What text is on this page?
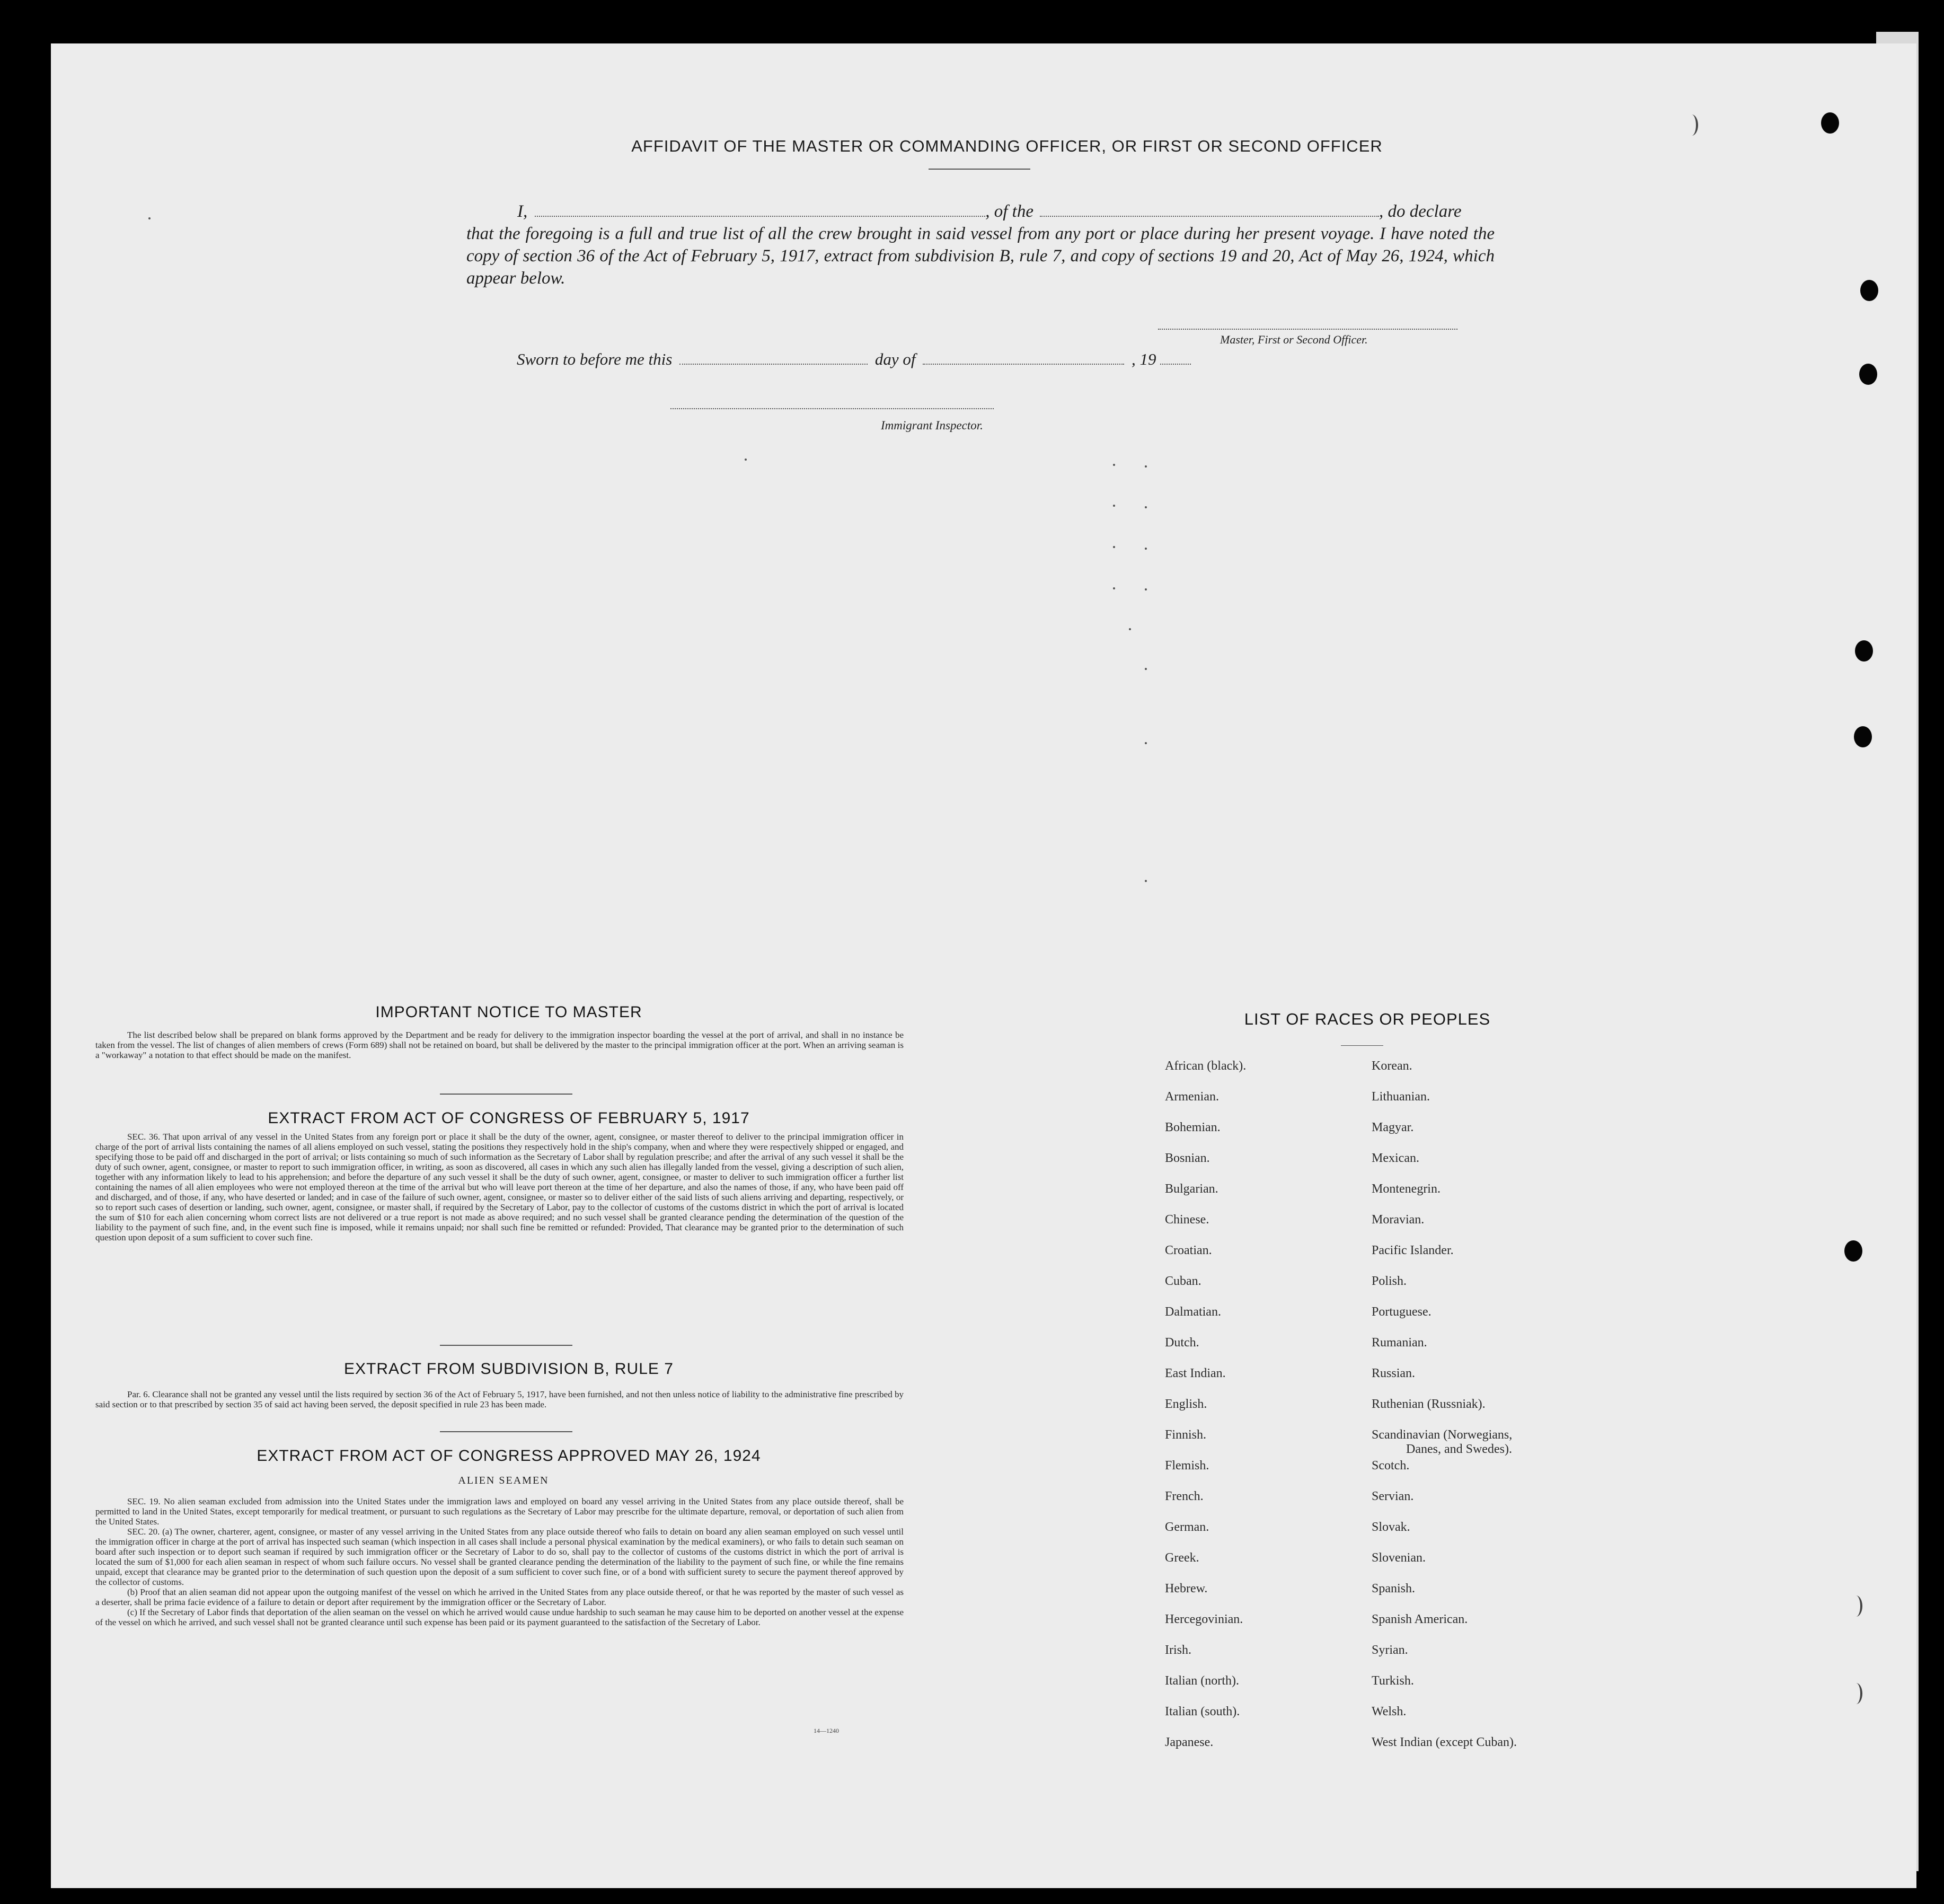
AFFIDAVIT OF THE MASTER OR COMMANDING OFFICER, OR FIRST OR SECOND OFFICER
I,	, of the	, do declare
that the foregoing is a full and true list of all the crew brought in said vessel from any port or place during her present voyage. I have noted the copy of section 36 of the Act of February 5, 1917, extract from subdivision B, rule 7, and copy of sections 19 and 20, Act of May 26, 1924, which appear below.
Master, First or Second Officer.
Sworn to before me this	day of	, 19
Immigrant Inspector.
IMPORTANT NOTICE TO MASTER

The list described below shall be prepared on blank forms approved by the Department and be ready for delivery to the immigration inspector boarding the vessel at the port of arrival, and shall in no instance be taken from the vessel. The list of changes of alien members of crews (Form 689) shall not be retained on board, but shall be delivered by the master to the principal immigration officer at the port. When an arriving seaman is a "workaway" a notation to that effect should be made on the manifest.

EXTRACT FROM ACT OF CONGRESS OF FEBRUARY 5, 1917

SEC. 36. That upon arrival of any vessel in the United States from any foreign port or place it shall be the duty of the owner, agent, consignee, or master thereof to deliver to the principal immigration officer in charge of the port of arrival lists containing the names of all aliens employed on such vessel, stating the positions they respectively hold in the ship's company, when and where they were respectively shipped or engaged, and specifying those to be paid off and discharged in the port of arrival; or lists containing so much of such information as the Secretary of Labor shall by regulation prescribe; and after the arrival of any such vessel it shall be the duty of such owner, agent, consignee, or master to report to such immigration officer, in writing, as soon as discovered, all cases in which any such alien has illegally landed from the vessel, giving a description of such alien, together with any information likely to lead to his apprehension; and before the departure of any such vessel it shall be the duty of such owner, agent, consignee, or master to deliver to such immigration officer a further list containing the names of all alien employees who were not employed thereon at the time of the arrival but who will leave port thereon at the time of her departure, and also the names of those, if any, who have been paid off and discharged, and of those, if any, who have deserted or landed; and in case of the failure of such owner, agent, consignee, or master so to deliver either of the said lists of such aliens arriving and departing, respectively, or so to report such cases of desertion or landing, such owner, agent, consignee, or master shall, if required by the Secretary of Labor, pay to the collector of customs of the customs district in which the port of arrival is located the sum of $10 for each alien concerning whom correct lists are not delivered or a true report is not made as above required; and no such vessel shall be granted clearance pending the determination of the question of the liability to the payment of such fine, and, in the event such fine is imposed, while it remains unpaid; nor shall such fine be remitted or refunded: Provided, That clearance may be granted prior to the determination of such question upon deposit of a sum sufficient to cover such fine.

EXTRACT FROM SUBDIVISION B, RULE 7

Par. 6. Clearance shall not be granted any vessel until the lists required by section 36 of the Act of February 5, 1917, have been furnished, and not then unless notice of liability to the administrative fine prescribed by said section or to that prescribed by section 35 of said act having been served, the deposit specified in rule 23 has been made.

EXTRACT FROM ACT OF CONGRESS APPROVED MAY 26, 1924
ALIEN SEAMEN

SEC. 19. No alien seaman excluded from admission into the United States under the immigration laws and employed on board any vessel arriving in the United States from any place outside thereof, shall be permitted to land in the United States, except temporarily for medical treatment, or pursuant to such regulations as the Secretary of Labor may prescribe for the ultimate departure, removal, or deportation of such alien from the United States.

SEC. 20. (a) The owner, charterer, agent, consignee, or master of any vessel arriving in the United States from any place outside thereof who fails to detain on board any alien seaman employed on such vessel until the immigration officer in charge at the port of arrival has inspected such seaman (which inspection in all cases shall include a personal physical examination by the medical examiners), or who fails to detain such seaman on board after such inspection or to deport such seaman if required by such immigration officer or the Secretary of Labor to do so, shall pay to the collector of customs of the customs district in which the port of arrival is located the sum of $1,000 for each alien seaman in respect of whom such failure occurs. No vessel shall be granted clearance pending the determination of the liability to the payment of such fine, or while the fine remains unpaid, except that clearance may be granted prior to the determination of such question upon the deposit of a sum sufficient to cover such fine, or of a bond with sufficient surety to secure the payment thereof approved by the collector of customs.

(b) Proof that an alien seaman did not appear upon the outgoing manifest of the vessel on which he arrived in the United States from any place outside thereof, or that he was reported by the master of such vessel as a deserter, shall be prima facie evidence of a failure to detain or deport after requirement by the immigration officer or the Secretary of Labor.

(c) If the Secretary of Labor finds that deportation of the alien seaman on the vessel on which he arrived would cause undue hardship to such seaman he may cause him to be deported on another vessel at the expense of the vessel on which he arrived, and such vessel shall not be granted clearance until such expense has been paid or its payment guaranteed to the satisfaction of the Secretary of Labor.

14—1240
LIST OF RACES OR PEOPLES
African (black).
Armenian.
Bohemian.
Bosnian.
Bulgarian.
Chinese.
Croatian.
Cuban.
Dalmatian.
Dutch.
East Indian.
English.
Finnish.
Flemish.
French.
German.
Greek.
Hebrew.
Hercegovinian.
Irish.
Italian (north).
Italian (south).
Japanese.
Korean.
Lithuanian.
Magyar.
Mexican.
Montenegrin.
Moravian.
Pacific Islander.
Polish.
Portuguese.
Rumanian.
Russian.
Ruthenian (Russniak).
Scandinavian (Norwegians,
Danes, and Swedes).
Scotch.
Servian.
Slovak.
Slovenian.
Spanish.
Spanish American.
Syrian.
Turkish.
Welsh.
West Indian (except Cuban).
